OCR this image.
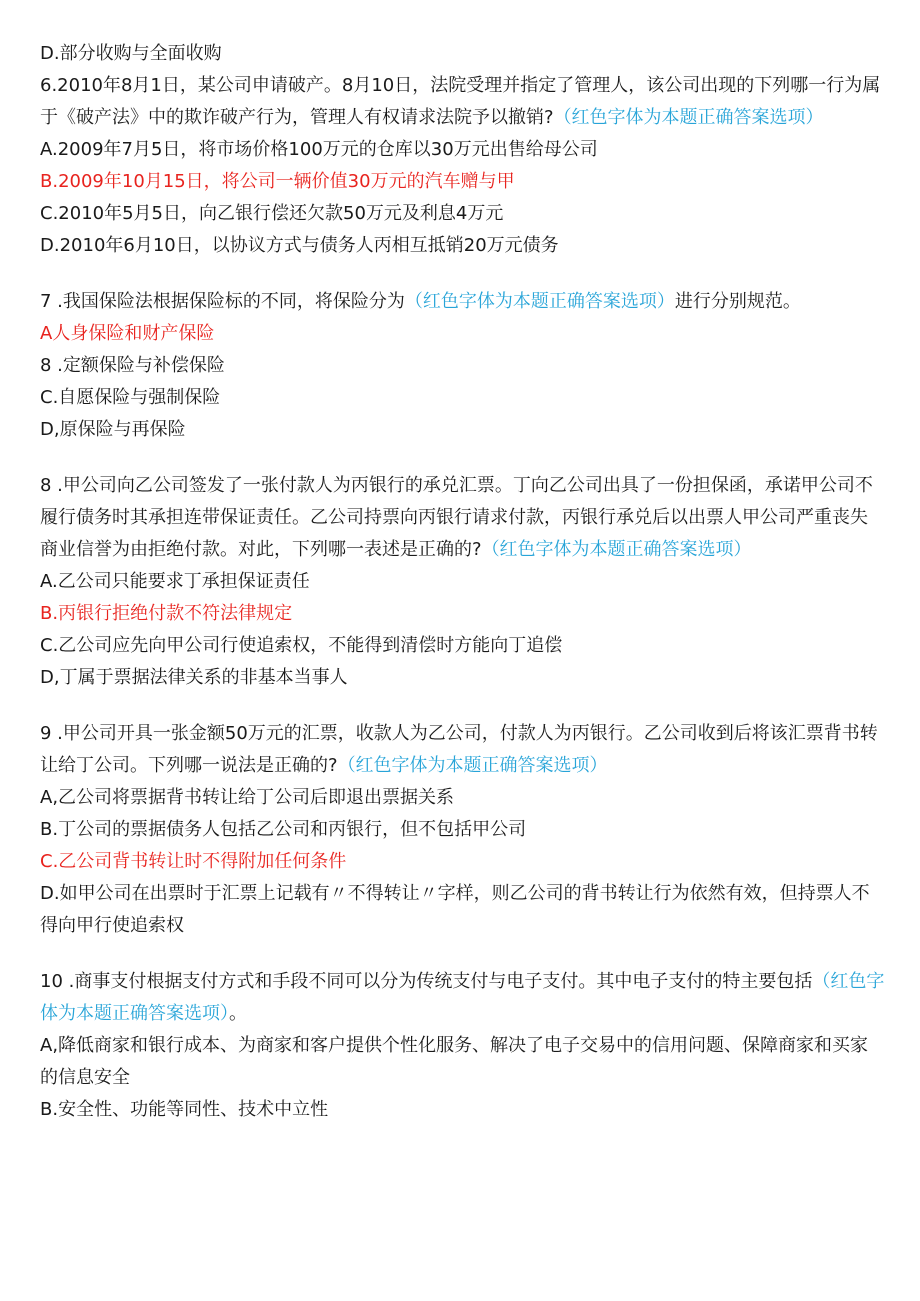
D.部分收购与全面收购
6.2010年8月1日，某公司申请破产。8月10日，法院受理并指定了管理人，该公司出现的下列哪一行为属于《破产法》中的欺诈破产行为，管理人有权请求法院予以撤销?（红色字体为本题正确答案选项）
A.2009年7月5日，将市场价格100万元的仓库以30万元出售给母公司
B.2009年10月15日，将公司一辆价值30万元的汽车赠与甲
C.2010年5月5日，向乙银行偿还欠款50万元及利息4万元
D.2010年6月10日，以协议方式与债务人丙相互抵销20万元债务
7 .我国保险法根据保险标的不同，将保险分为（红色字体为本题正确答案选项）进行分别规范。
A人身保险和财产保险
8 .定额保险与补偿保险
C.自愿保险与强制保险
D,原保险与再保险
8 .甲公司向乙公司签发了一张付款人为丙银行的承兑汇票。丁向乙公司出具了一份担保函，承诺甲公司不履行债务时其承担连带保证责任。乙公司持票向丙银行请求付款，丙银行承兑后以出票人甲公司严重丧失商业信誉为由拒绝付款。对此，下列哪一表述是正确的?（红色字体为本题正确答案选项）
A.乙公司只能要求丁承担保证责任
B.丙银行拒绝付款不符法律规定
C.乙公司应先向甲公司行使追索权，不能得到清偿时方能向丁追偿
D,丁属于票据法律关系的非基本当事人
9 .甲公司开具一张金额50万元的汇票，收款人为乙公司，付款人为丙银行。乙公司收到后将该汇票背书转让给丁公司。下列哪一说法是正确的?（红色字体为本题正确答案选项）
A,乙公司将票据背书转让给丁公司后即退出票据关系
B.丁公司的票据债务人包括乙公司和丙银行，但不包括甲公司
C.乙公司背书转让时不得附加任何条件
D.如甲公司在出票时于汇票上记载有〃不得转让〃字样，则乙公司的背书转让行为依然有效，但持票人不得向甲行使追索权
10 .商事支付根据支付方式和手段不同可以分为传统支付与电子支付。其中电子支付的特主要包括（红色字体为本题正确答案选项）。
A,降低商家和银行成本、为商家和客户提供个性化服务、解决了电子交易中的信用问题、保障商家和买家的信息安全
B.安全性、功能等同性、技术中立性
